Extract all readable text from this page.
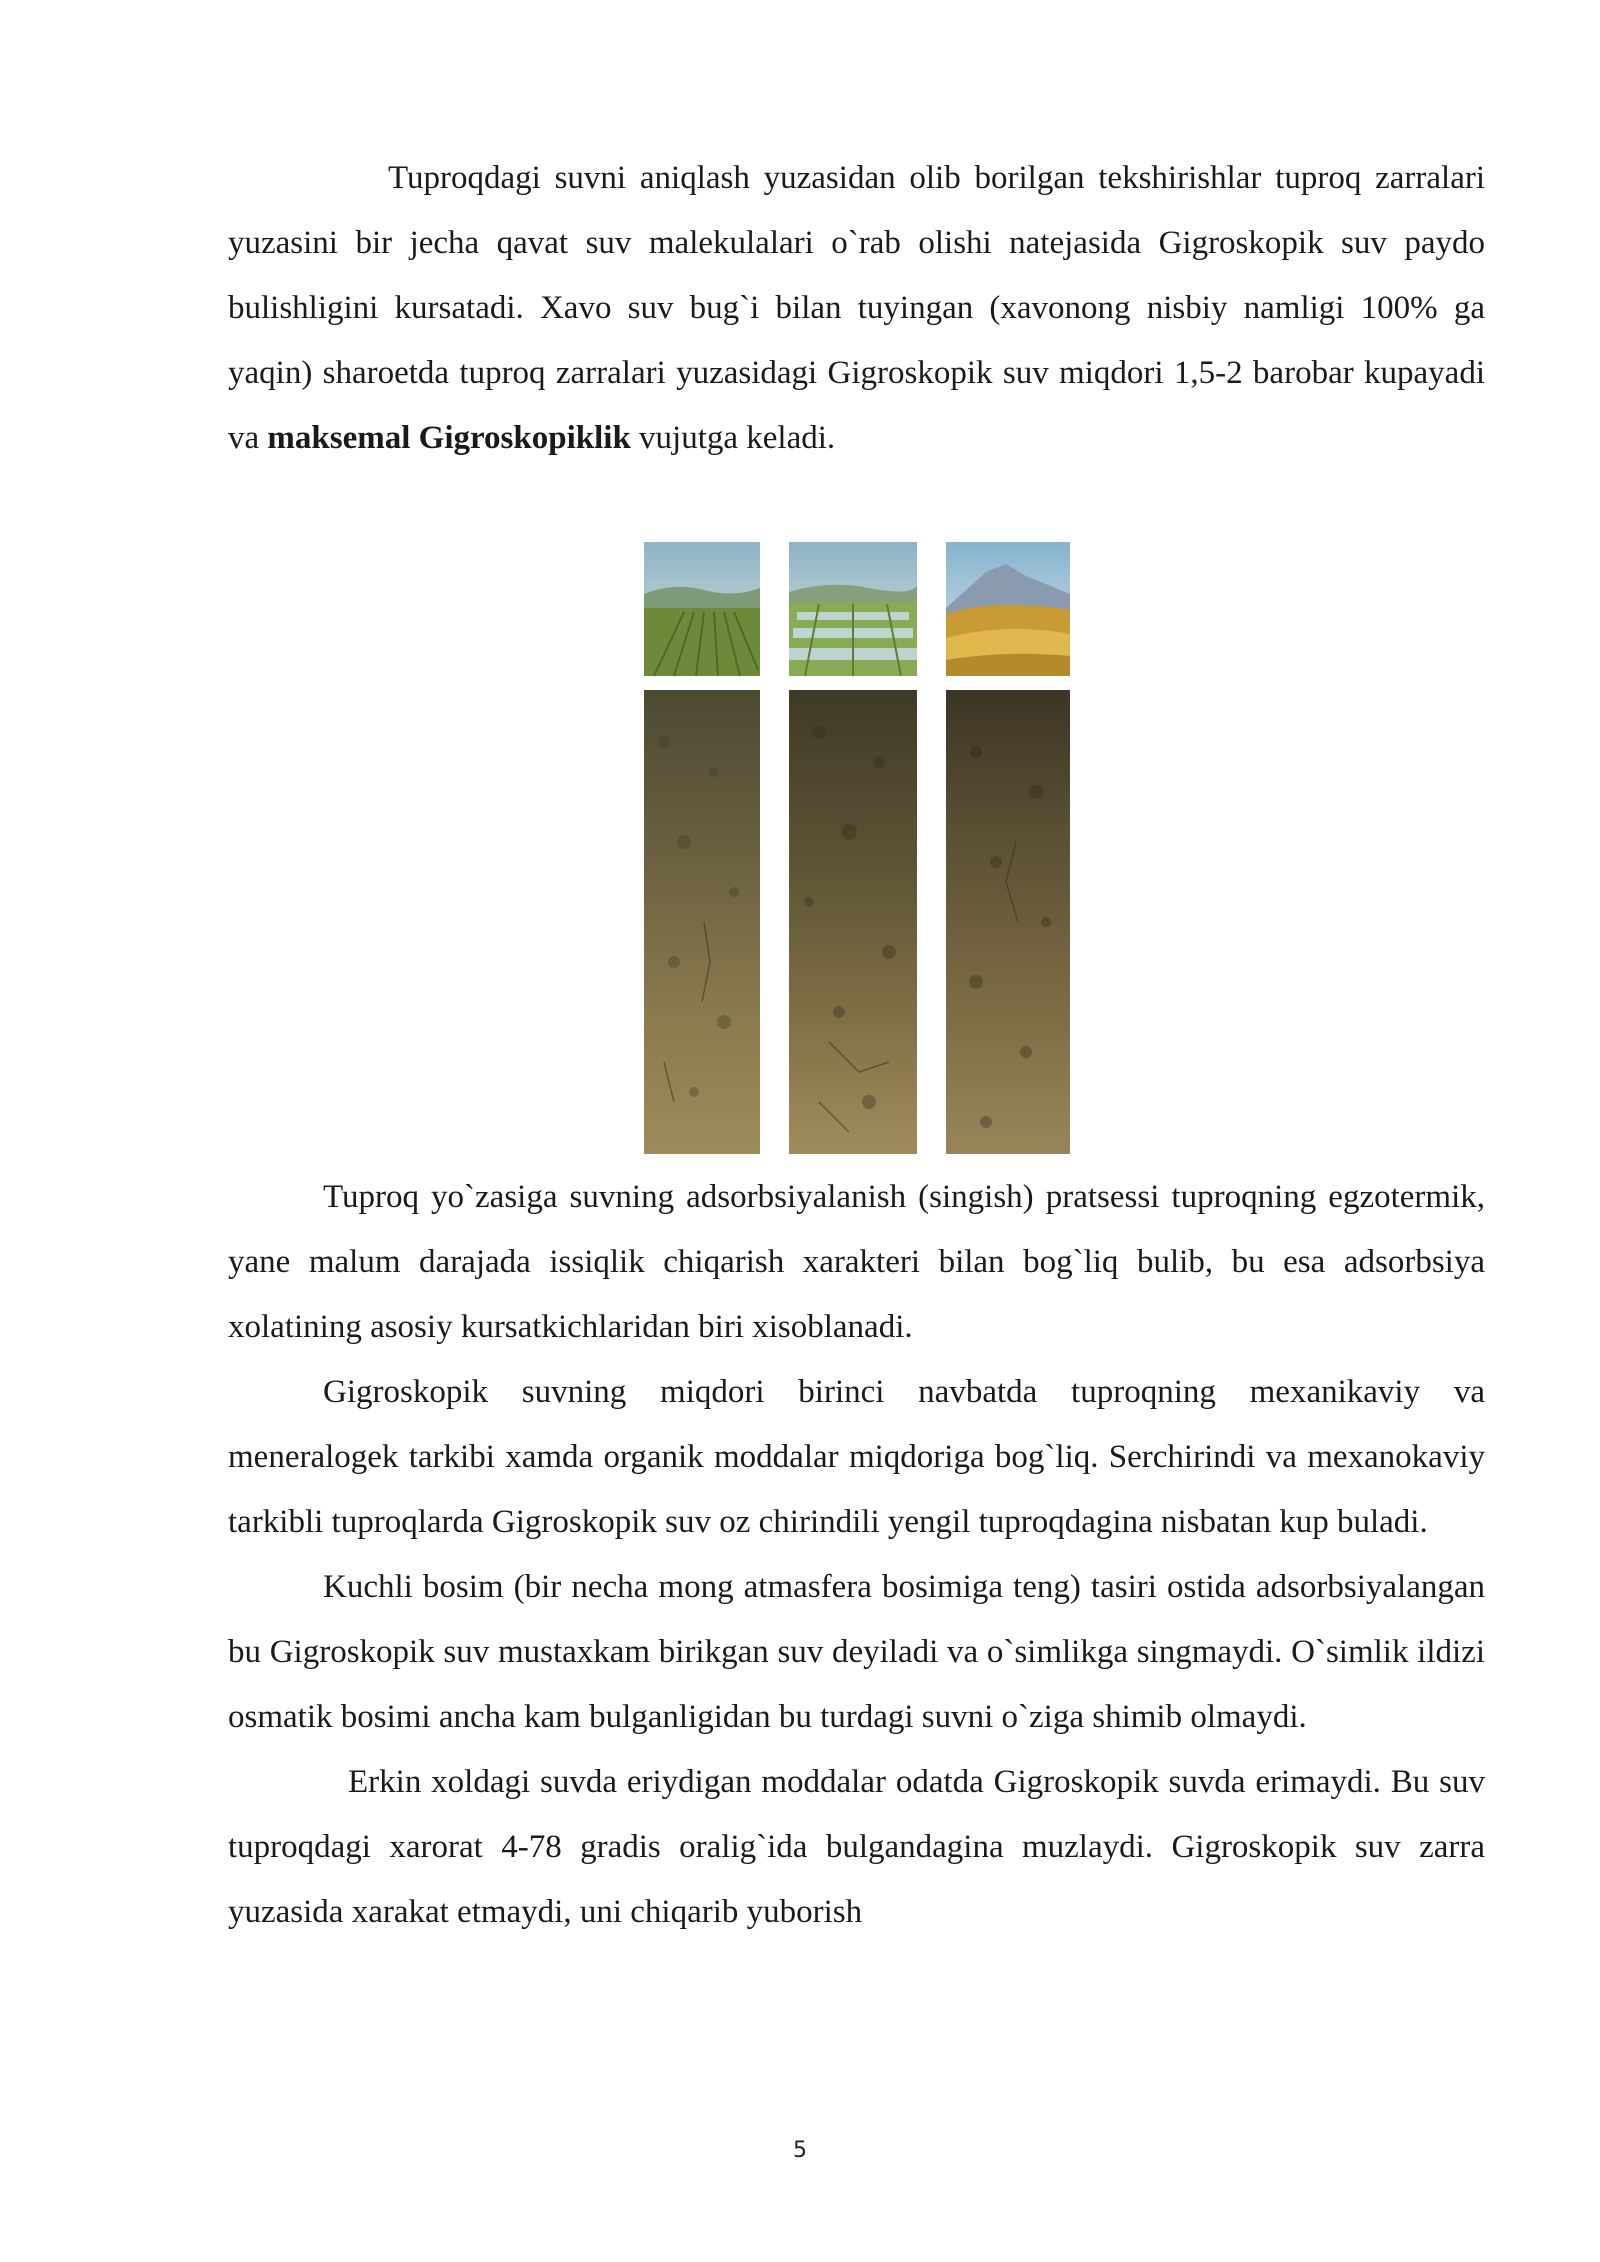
Tuproqdagi suvni aniqlash yuzasidan olib borilgan tekshirishlar tuproq zarralari yuzasini bir jecha qavat suv malekulalari o`rab olishi natejasida Gigroskopik suv paydo bulishligini kursatadi. Xavo suv bug`i bilan tuyingan (xavonong nisbiy namligi 100% ga yaqin) sharoetda tuproq zarralari yuzasidagi Gigroskopik suv miqdori 1,5-2 barobar kupayadi va maksemal Gigroskopiklik vujutga keladi.

Tuproq yo`zasiga suvning adsorbsiyalanish (singish) pratsessi tuproqning egzotermik, yane malum darajada issiqlik chiqarish xarakteri bilan bog`liq bulib, bu esa adsorbsiya xolatining asosiy kursatkichlaridan biri xisoblanadi.

Gigroskopik suvning miqdori birinci navbatda tuproqning mexanikaviy va meneralogek tarkibi xamda organik moddalar miqdoriga bog`liq. Serchirindi va mexanokaviy tarkibli tuproqlarda Gigroskopik suv oz chirindili yengil tuproqdagina nisbatan kup buladi.

Kuchli bosim (bir necha mong atmasfera bosimiga teng) tasiri ostida adsorbsiyalangan bu Gigroskopik suv mustaxkam birikgan suv deyiladi va o`simlikga singmaydi. O`simlik ildizi osmatik bosimi ancha kam bulganligidan bu turdagi suvni o`ziga shimib olmaydi.

Erkin xoldagi suvda eriydigan moddalar odatda Gigroskopik suvda erimaydi. Bu suv tuproqdagi xarorat 4-78 gradis oralig`ida bulgandagina muzlaydi. Gigroskopik suv zarra yuzasida xarakat etmaydi, uni chiqarib yuborish

5
